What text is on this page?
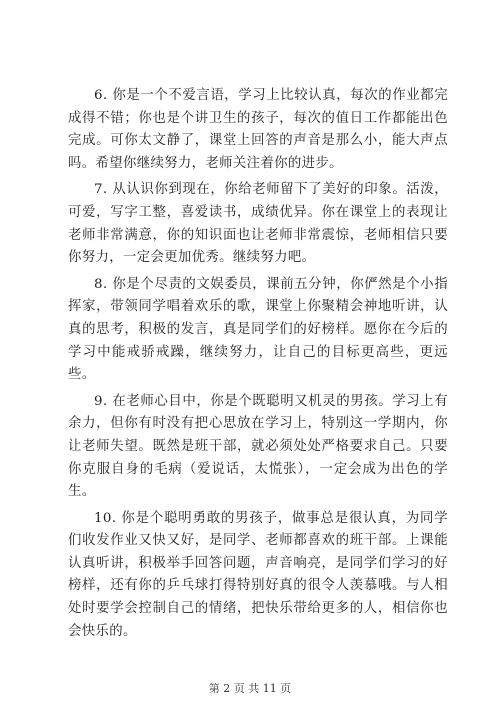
6. 你是一个不爱言语，学习上比较认真，每次的作业都完成得不错；你也是个讲卫生的孩子，每次的值日工作都能出色完成。可你太文静了，课堂上回答的声音是那么小，能大声点吗。希望你继续努力，老师关注着你的进步。

7. 从认识你到现在，你给老师留下了美好的印象。活泼，可爱，写字工整，喜爱读书，成绩优异。你在课堂上的表现让老师非常满意，你的知识面也让老师非常震惊，老师相信只要你努力，一定会更加优秀。继续努力吧。

8. 你是个尽责的文娱委员，课前五分钟，你俨然是个小指挥家，带领同学唱着欢乐的歌，课堂上你聚精会神地听讲，认真的思考，积极的发言，真是同学们的好榜样。愿你在今后的学习中能戒骄戒躁，继续努力，让自己的目标更高些，更远些。

9. 在老师心目中，你是个既聪明又机灵的男孩。学习上有余力，但你有时没有把心思放在学习上，特别这一学期内，你让老师失望。既然是班干部，就必须处处严格要求自己。只要你克服自身的毛病（爱说话，太慌张），一定会成为出色的学生。

10. 你是个聪明勇敢的男孩子，做事总是很认真，为同学们收发作业又快又好，是同学、老师都喜欢的班干部。上课能认真听讲，积极举手回答问题，声音响亮，是同学们学习的好榜样，还有你的乒乓球打得特别好真的很令人羡慕哦。与人相处时要学会控制自己的情绪，把快乐带给更多的人，相信你也会快乐的。

第 2 页 共 11 页
